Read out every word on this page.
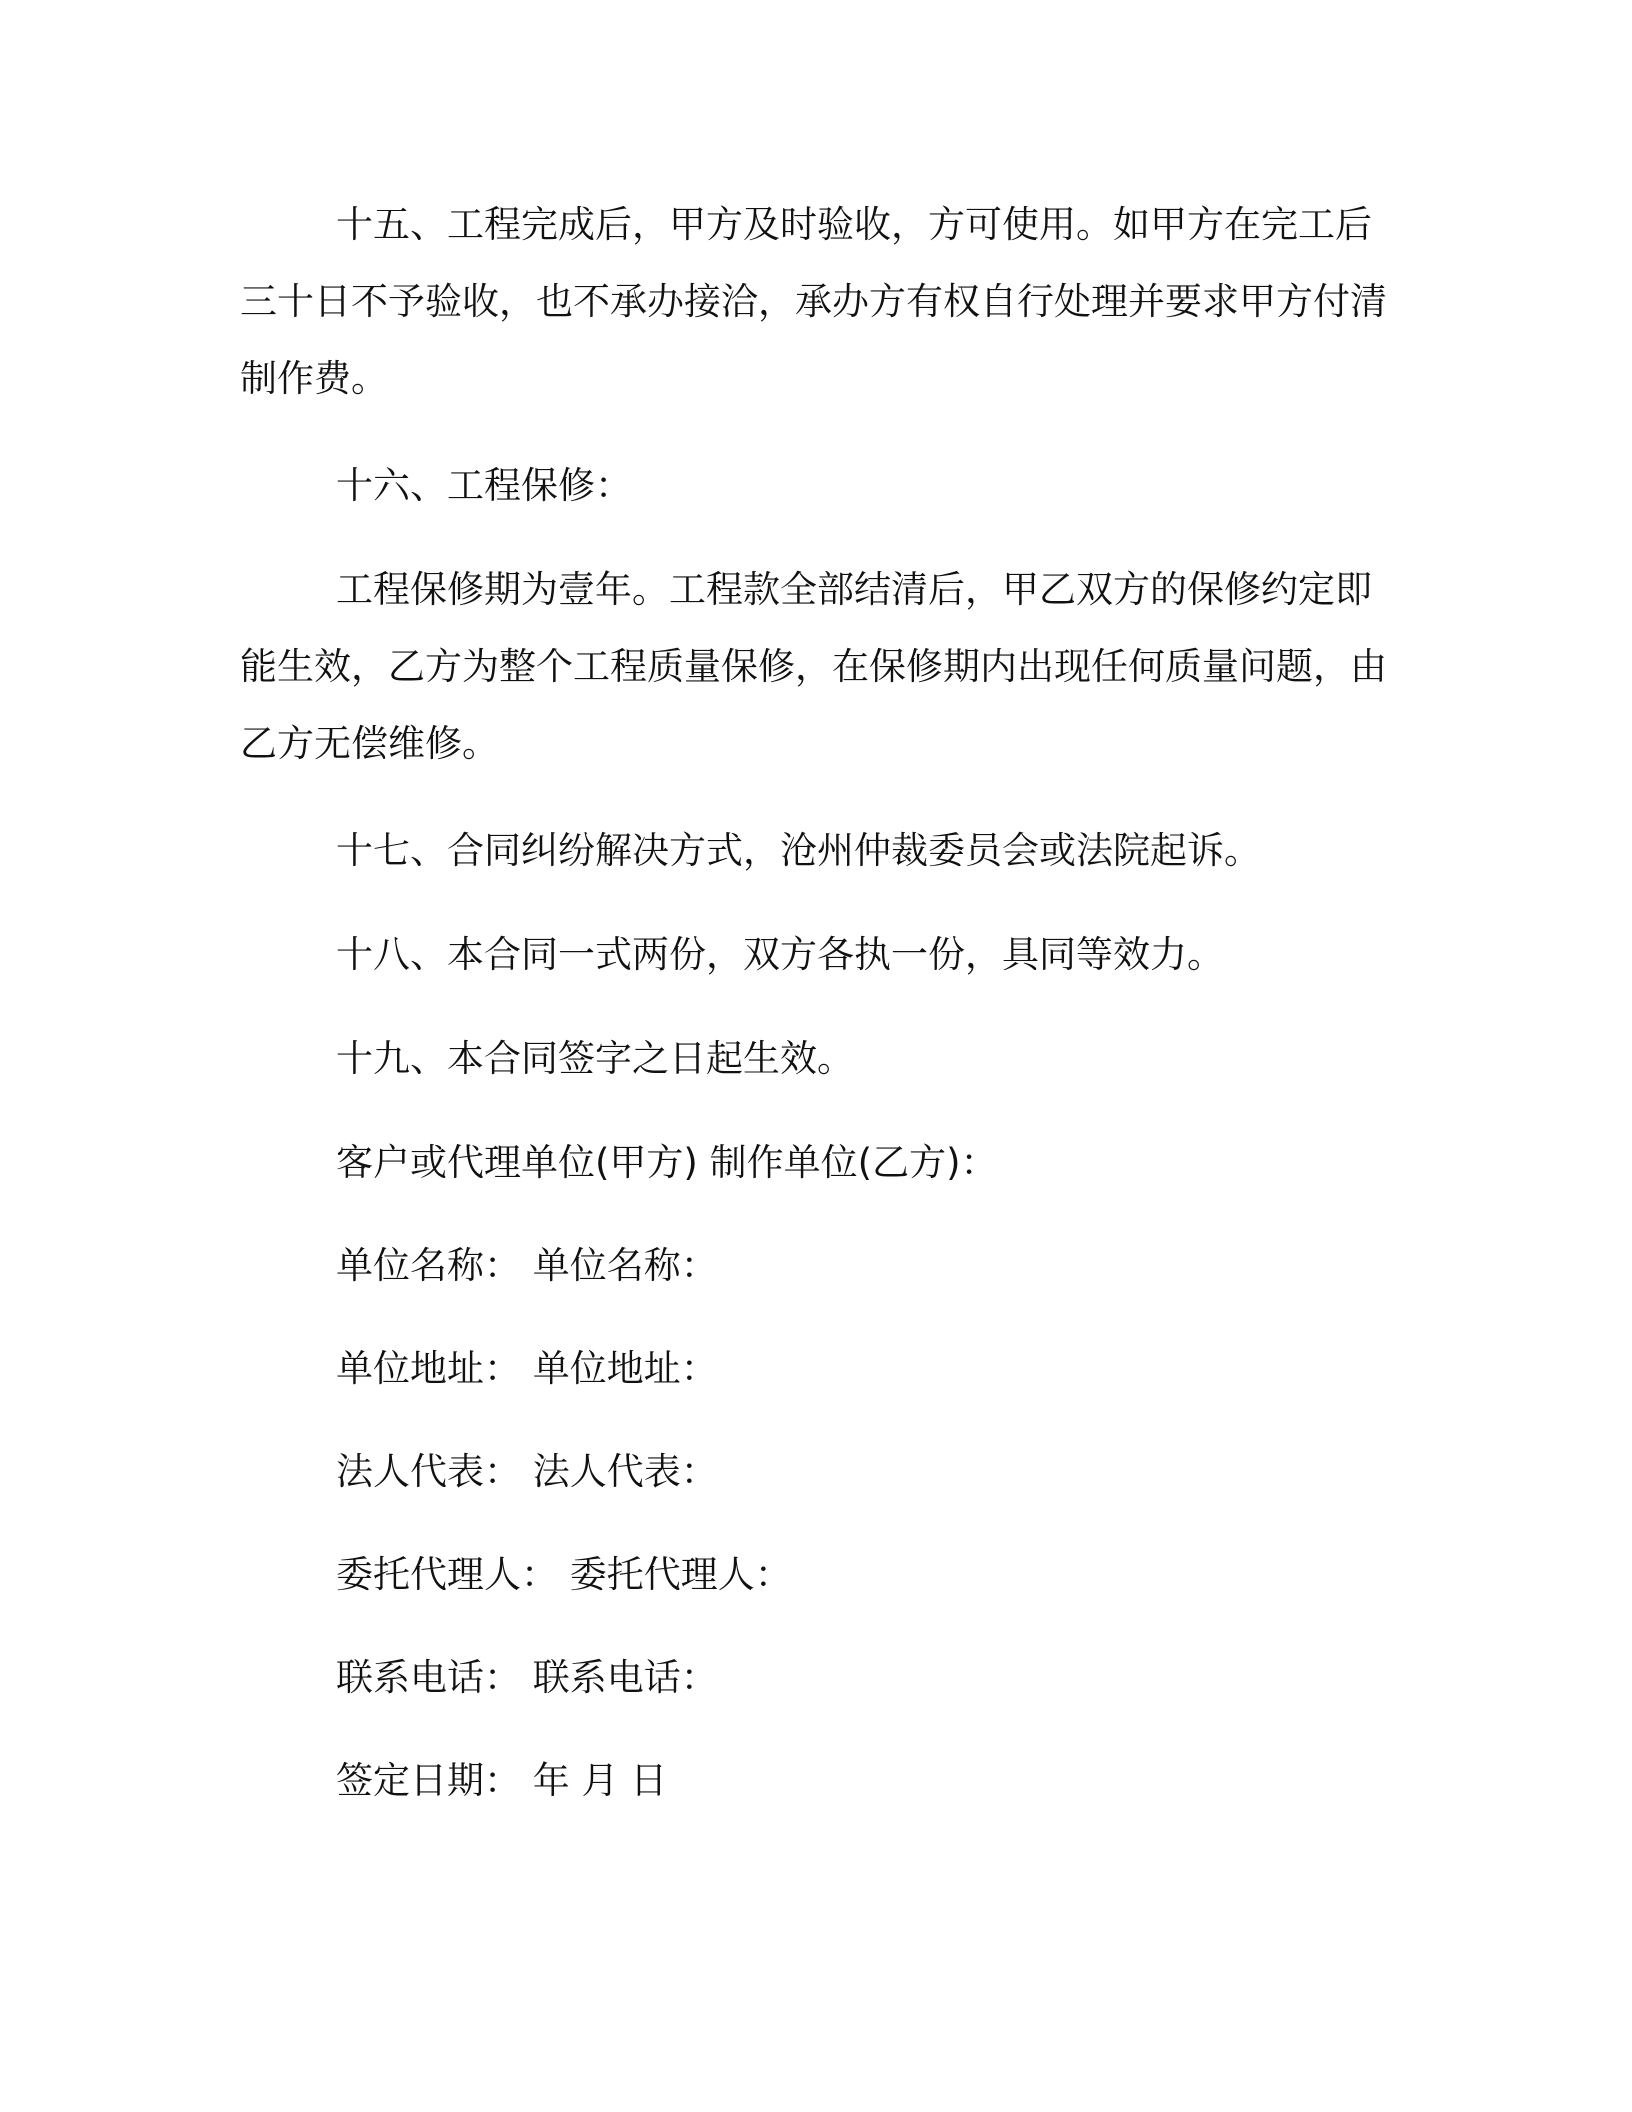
十五、工程完成后，甲方及时验收，方可使用。如甲方在完工后三十日不予验收，也不承办接洽，承办方有权自行处理并要求甲方付清制作费。

十六、工程保修：

工程保修期为壹年。工程款全部结清后，甲乙双方的保修约定即能生效，乙方为整个工程质量保修，在保修期内出现任何质量问题，由乙方无偿维修。

十七、合同纠纷解决方式，沧州仲裁委员会或法院起诉。

十八、本合同一式两份，双方各执一份，具同等效力。

十九、本合同签字之日起生效。

客户或代理单位(甲方) 制作单位(乙方)：

单位名称： 单位名称：

单位地址： 单位地址：

法人代表： 法人代表：

委托代理人： 委托代理人：

联系电话： 联系电话：

签定日期： 年 月 日
